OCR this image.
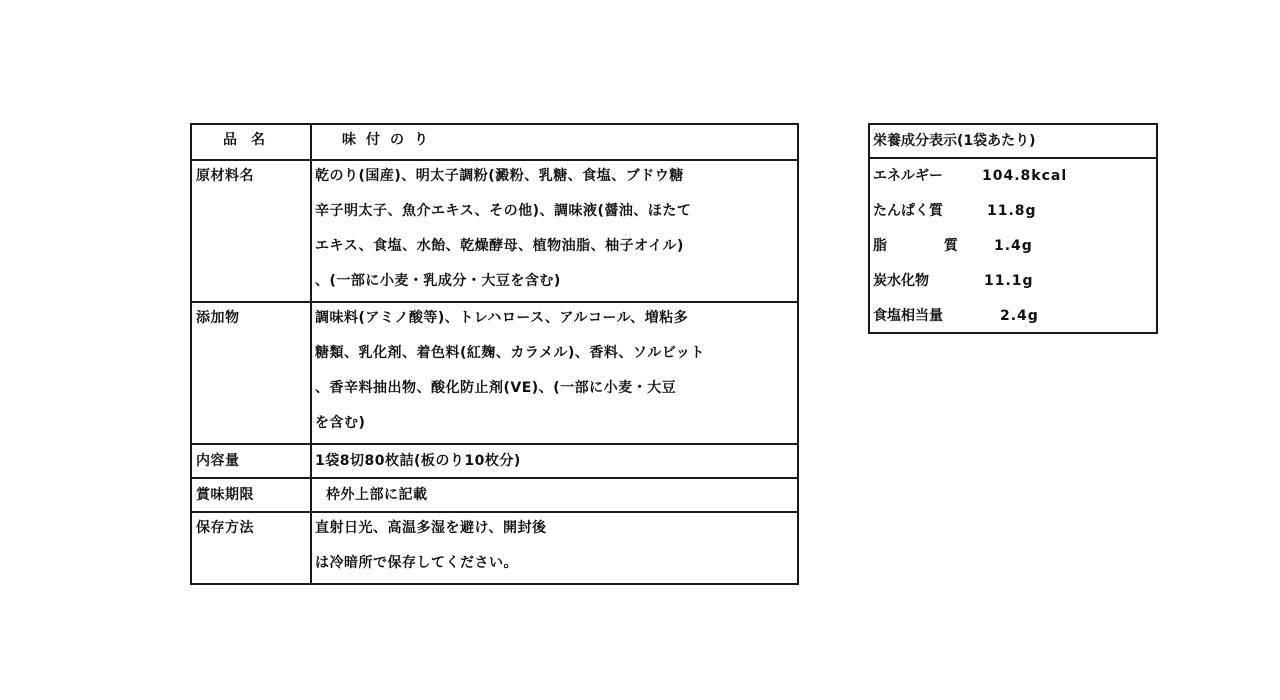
品名	味付のり
原材料名	乾のり(国産)、明太子調粉(澱粉、乳糖、食塩、ブドウ糖
辛子明太子、魚介エキス、その他)、調味液(醤油、ほたて
エキス、食塩、水飴、乾燥酵母、植物油脂、柚子オイル)
、(一部に小麦・乳成分・大豆を含む)

添加物	調味料(アミノ酸等)、トレハロース、アルコール、増粘多
糖類、乳化剤、着色料(紅麹、カラメル)、香料、ソルビット
、香辛料抽出物、酸化防止剤(VE)、(一部に小麦・大豆
を含む)

内容量	1袋8切80枚詰(板のり10枚分)

賞味期限	枠外上部に記載

保存方法	直射日光、高温多湿を避け、開封後
は冷暗所で保存してください。
栄養成分表示(1袋あたり)
エネルギー	104.8kcal
たんぱく質	11.8g
脂 質 1.4g
炭水化物	11.1g
食塩相当量	2.4g
